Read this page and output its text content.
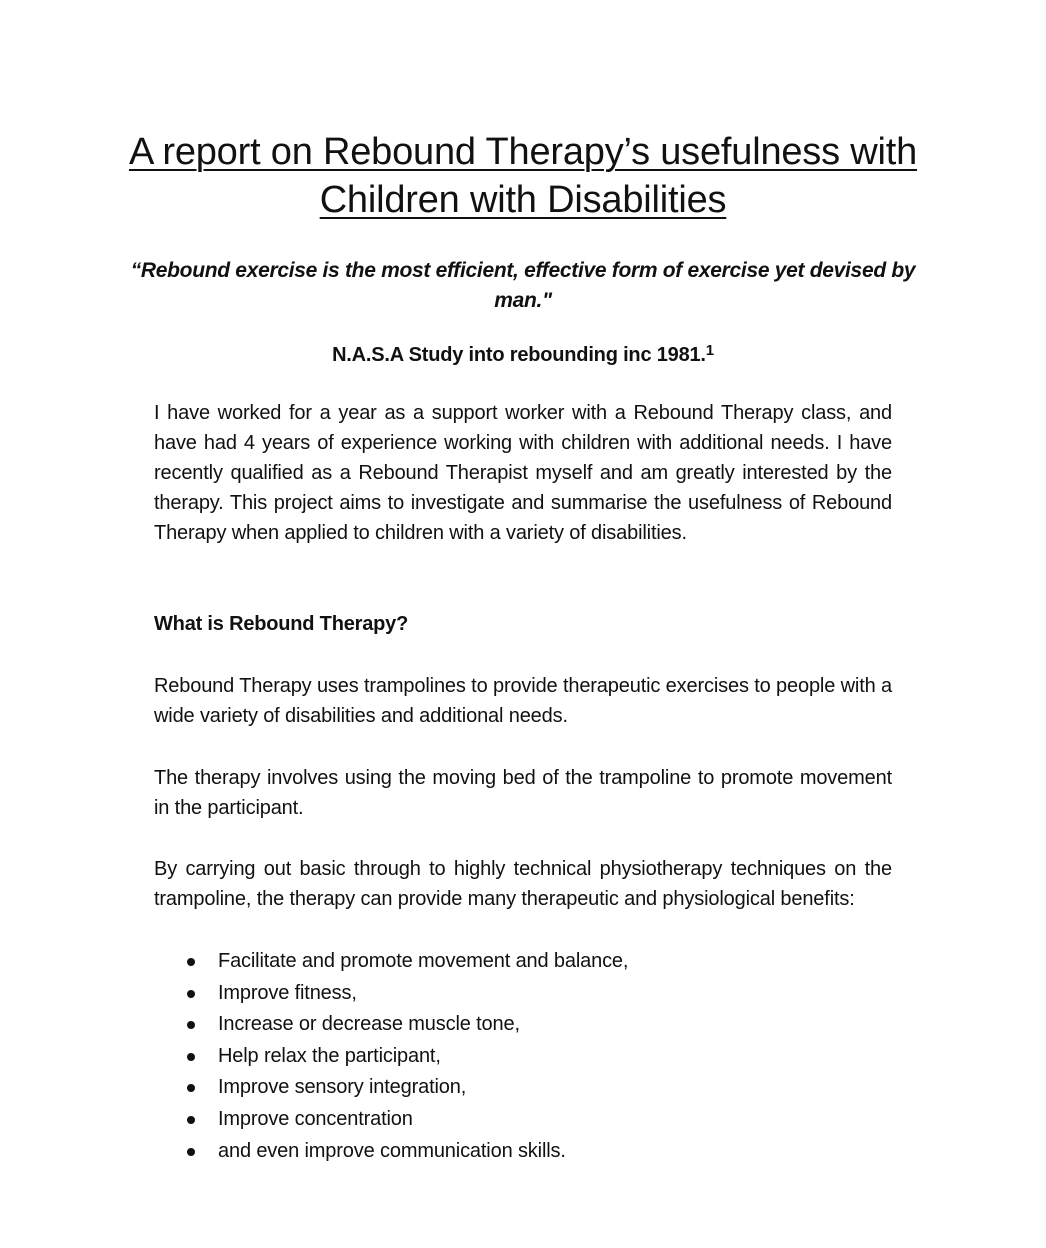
A report on Rebound Therapy’s usefulness with Children with Disabilities

“Rebound exercise is the most efficient, effective form of exercise yet devised by man."

N.A.S.A Study into rebounding inc 1981.$^1$

I have worked for a year as a support worker with a Rebound Therapy class, and have had 4 years of experience working with children with additional needs. I have recently qualified as a Rebound Therapist myself and am greatly interested by the therapy. This project aims to investigate and summarise the usefulness of Rebound Therapy when applied to children with a variety of disabilities.

What is Rebound Therapy?

Rebound Therapy uses trampolines to provide therapeutic exercises to people with a wide variety of disabilities and additional needs.

The therapy involves using the moving bed of the trampoline to promote movement in the participant.

By carrying out basic through to highly technical physiotherapy techniques on the trampoline, the therapy can provide many therapeutic and physiological benefits:

Facilitate and promote movement and balance,
Improve fitness,
Increase or decrease muscle tone,
Help relax the participant,
Improve sensory integration,
Improve concentration
and even improve communication skills.
